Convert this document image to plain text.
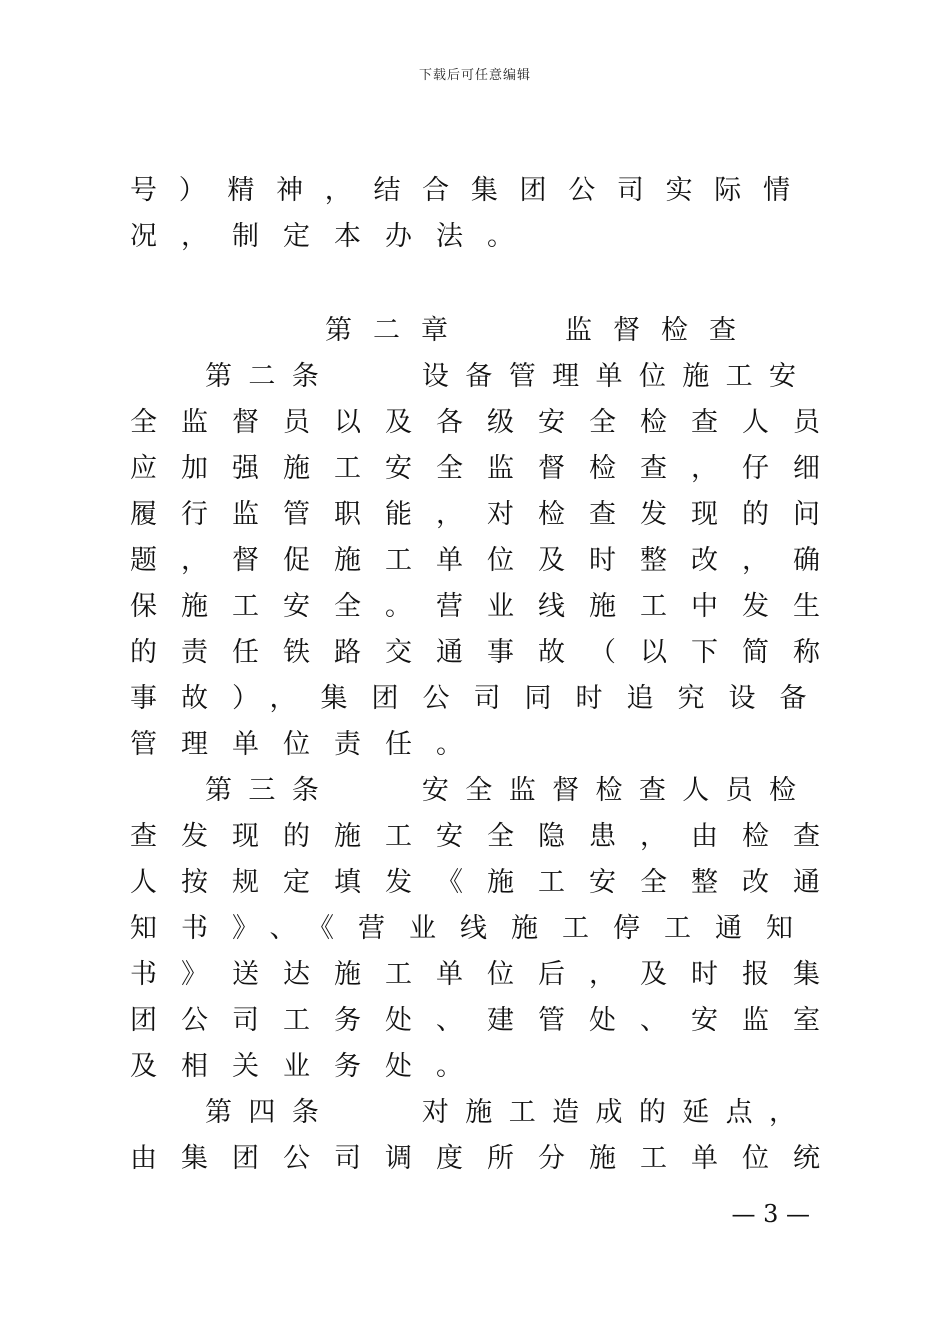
下载后可任意编辑
号）精神，结合集团公司实际情
况，制定本办法。
第二章　　监督检查
第二条　　设备管理单位施工安
全监督员以及各级安全检查人员
应加强施工安全监督检查，仔细
履行监管职能，对检查发现的问
题，督促施工单位及时整改，确
保施工安全。营业线施工中发生
的责任铁路交通事故（以下简称
事故），集团公司同时追究设备
管理单位责任。
第三条　　安全监督检查人员检
查发现的施工安全隐患，由检查
人按规定填发《施工安全整改通
知书》、《营业线施工停工通知
书》送达施工单位后，及时报集
团公司工务处、建管处、安监室
及相关业务处。
第四条　　对施工造成的延点，
由集团公司调度所分施工单位统
— 3 —
